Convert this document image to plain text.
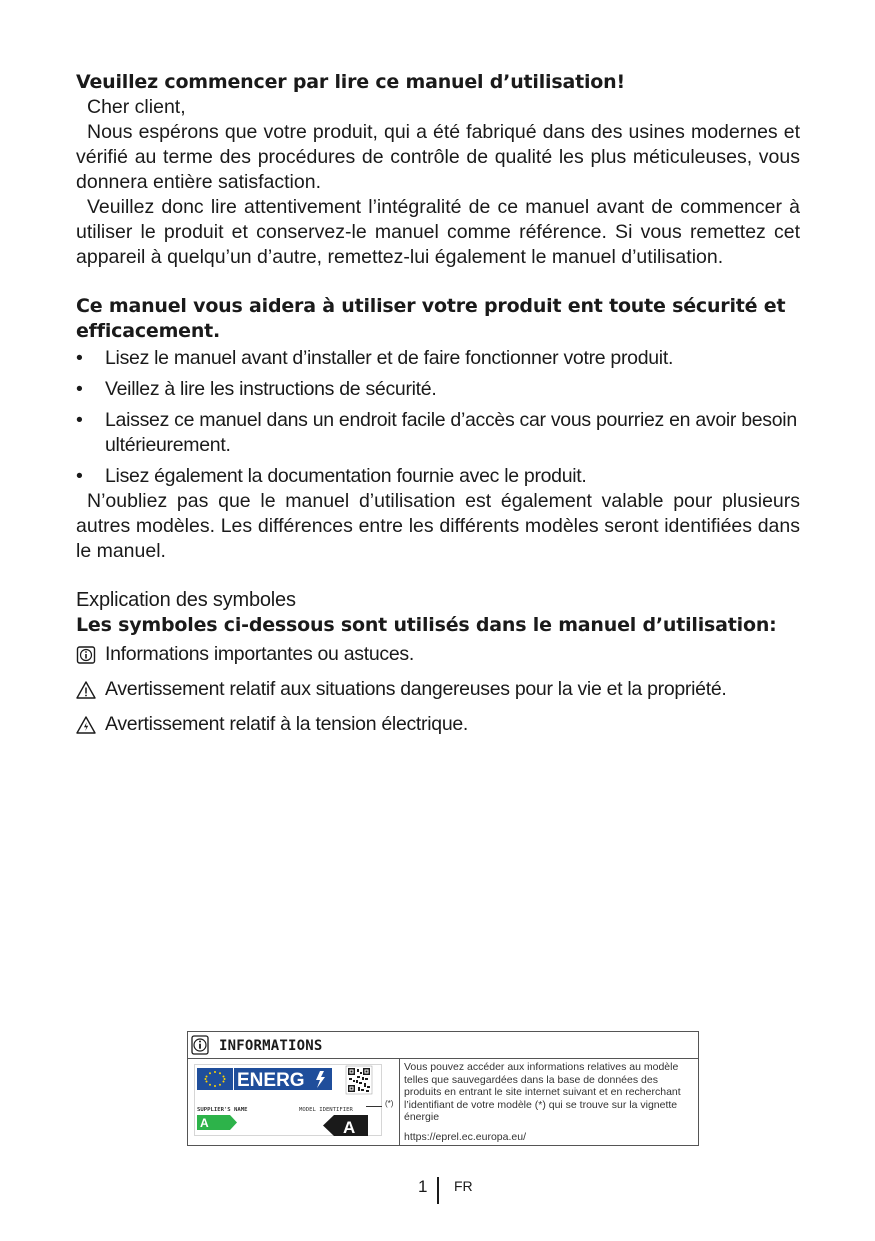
Veuillez commencer par lire ce manuel d’utilisation!

Cher client,

Nous espérons que votre produit, qui a été fabriqué dans des usines modernes et vérifié au terme des procédures de contrôle de qualité les plus méticuleuses, vous donnera entière satisfaction.

Veuillez donc lire attentivement l’intégralité de ce manuel avant de commencer à utiliser le produit et conservez-le manuel comme référence. Si vous remettez cet appareil à quelqu’un d’autre, remettez-lui également le manuel d’utilisation.

Ce manuel vous aidera à utiliser votre produit ent toute sécurité et efficacement.
• Lisez le manuel avant d’installer et de faire fonctionner votre produit.
• Veillez à lire les instructions de sécurité.
• Laissez ce manuel dans un endroit facile d’accès car vous pourriez en avoir besoin ultérieurement.
• Lisez également la documentation fournie avec le produit.

N’oubliez pas que le manuel d’utilisation est également valable pour plusieurs autres modèles. Les différences entre les différents modèles seront identifiées dans le manuel.

Explication des symboles
Les symboles ci-dessous sont utilisés dans le manuel d’utilisation:
Informations importantes ou astuces.
Avertissement relatif aux situations dangereuses pour la vie et la propriété.
Avertissement relatif à la tension électrique.
INFORMATIONS
ENERG
SUPPLIER'S NAME	MODEL IDENTIFIER
A	A
(*)
Vous pouvez accéder aux informations relatives au modèle telles que sauvegardées dans la base de données des produits en entrant le site internet suivant et en recherchant l’identifiant de votre modèle (*) qui se trouve sur la vignette énergie
https://eprel.ec.europa.eu/
1 FR
